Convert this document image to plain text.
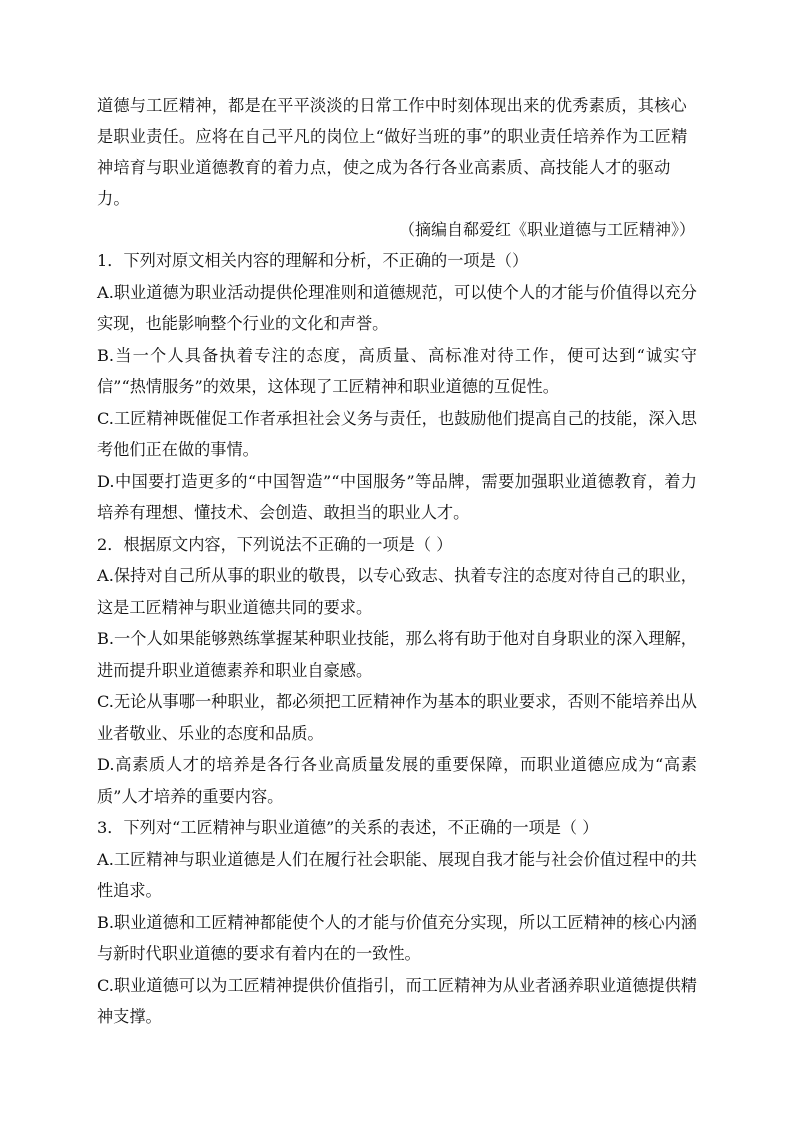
道德与工匠精神，都是在平平淡淡的日常工作中时刻体现出来的优秀素质，其核心是职业责任。应将在自己平凡的岗位上“做好当班的事”的职业责任培养作为工匠精神培育与职业道德教育的着力点，使之成为各行各业高素质、高技能人才的驱动力。
（摘编自郗爱红《职业道德与工匠精神》）
1．下列对原文相关内容的理解和分析，不正确的一项是（）
A.职业道德为职业活动提供伦理准则和道德规范，可以使个人的才能与价值得以充分实现，也能影响整个行业的文化和声誉。
B.当一个人具备执着专注的态度，高质量、高标准对待工作，便可达到“诚实守信”“热情服务”的效果，这体现了工匠精神和职业道德的互促性。
C.工匠精神既催促工作者承担社会义务与责任，也鼓励他们提高自己的技能，深入思考他们正在做的事情。
D.中国要打造更多的“中国智造”“中国服务”等品牌，需要加强职业道德教育，着力培养有理想、懂技术、会创造、敢担当的职业人才。
2．根据原文内容，下列说法不正确的一项是（ ）
A.保持对自己所从事的职业的敬畏，以专心致志、执着专注的态度对待自己的职业，这是工匠精神与职业道德共同的要求。
B.一个人如果能够熟练掌握某种职业技能，那么将有助于他对自身职业的深入理解，进而提升职业道德素养和职业自豪感。
C.无论从事哪一种职业，都必须把工匠精神作为基本的职业要求，否则不能培养出从业者敬业、乐业的态度和品质。
D.高素质人才的培养是各行各业高质量发展的重要保障，而职业道德应成为“高素质”人才培养的重要内容。
3．下列对“工匠精神与职业道德”的关系的表述，不正确的一项是（ ）
A.工匠精神与职业道德是人们在履行社会职能、展现自我才能与社会价值过程中的共性追求。
B.职业道德和工匠精神都能使个人的才能与价值充分实现，所以工匠精神的核心内涵与新时代职业道德的要求有着内在的一致性。
C.职业道德可以为工匠精神提供价值指引，而工匠精神为从业者涵养职业道德提供精神支撑。
